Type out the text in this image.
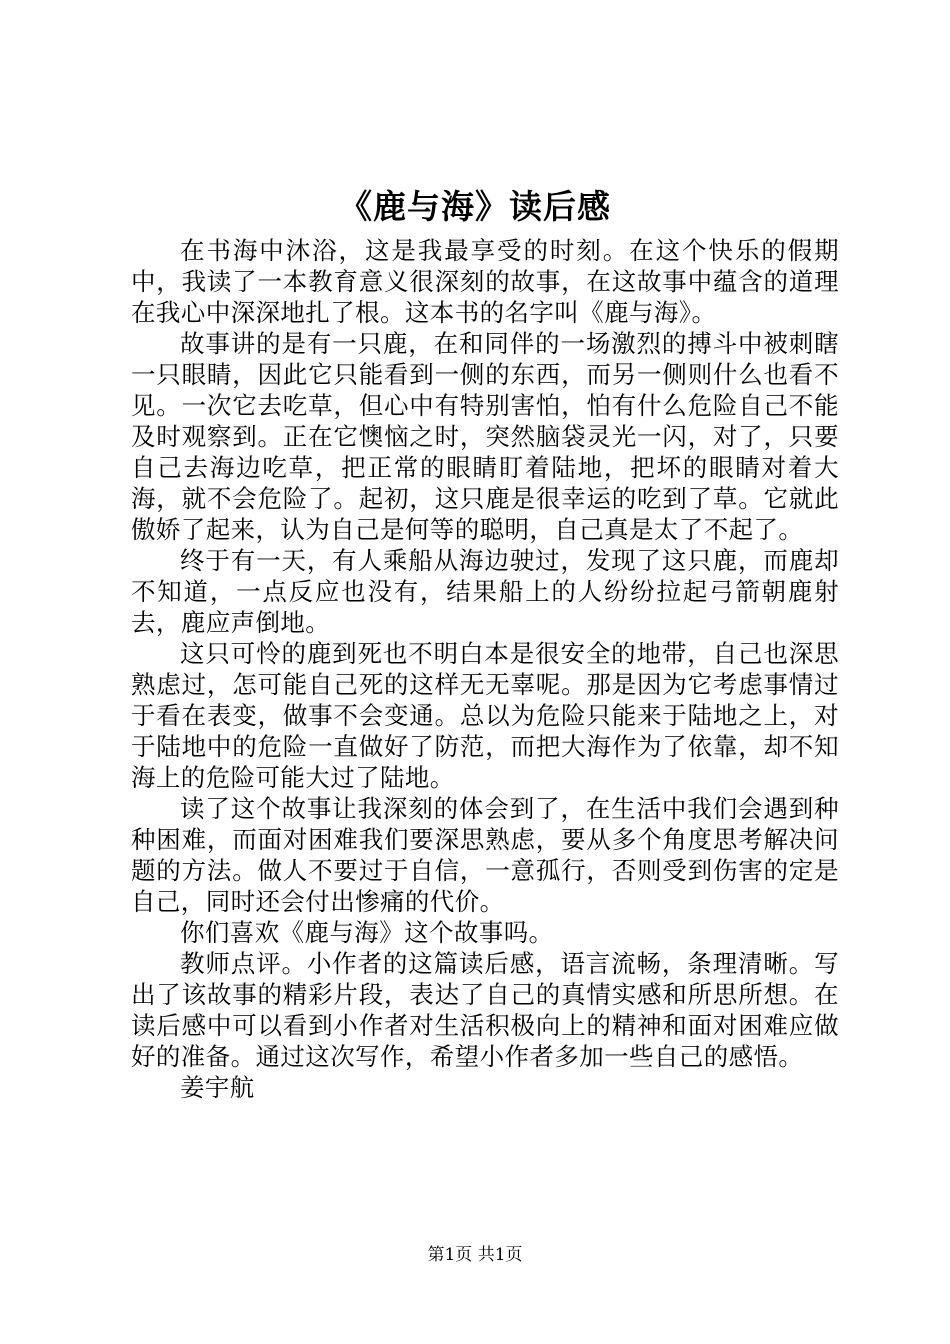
《鹿与海》读后感

在书海中沐浴，这是我最享受的时刻。在这个快乐的假期中，我读了一本教育意义很深刻的故事，在这故事中蕴含的道理在我心中深深地扎了根。这本书的名字叫《鹿与海》。

故事讲的是有一只鹿，在和同伴的一场激烈的搏斗中被刺瞎一只眼睛，因此它只能看到一侧的东西，而另一侧则什么也看不见。一次它去吃草，但心中有特别害怕，怕有什么危险自己不能及时观察到。正在它懊恼之时，突然脑袋灵光一闪，对了，只要自己去海边吃草，把正常的眼睛盯着陆地，把坏的眼睛对着大海，就不会危险了。起初，这只鹿是很幸运的吃到了草。它就此傲娇了起来，认为自己是何等的聪明，自己真是太了不起了。

终于有一天，有人乘船从海边驶过，发现了这只鹿，而鹿却不知道，一点反应也没有，结果船上的人纷纷拉起弓箭朝鹿射去，鹿应声倒地。

这只可怜的鹿到死也不明白本是很安全的地带，自己也深思熟虑过，怎可能自己死的这样无无辜呢。那是因为它考虑事情过于看在表变，做事不会变通。总以为危险只能来于陆地之上，对于陆地中的危险一直做好了防范，而把大海作为了依靠，却不知海上的危险可能大过了陆地。

读了这个故事让我深刻的体会到了，在生活中我们会遇到种种困难，而面对困难我们要深思熟虑，要从多个角度思考解决问题的方法。做人不要过于自信，一意孤行，否则受到伤害的定是自己，同时还会付出惨痛的代价。

你们喜欢《鹿与海》这个故事吗。

教师点评。小作者的这篇读后感，语言流畅，条理清晰。写出了该故事的精彩片段，表达了自己的真情实感和所思所想。在读后感中可以看到小作者对生活积极向上的精神和面对困难应做好的准备。通过这次写作，希望小作者多加一些自己的感悟。

姜宇航

第1页 共1页
